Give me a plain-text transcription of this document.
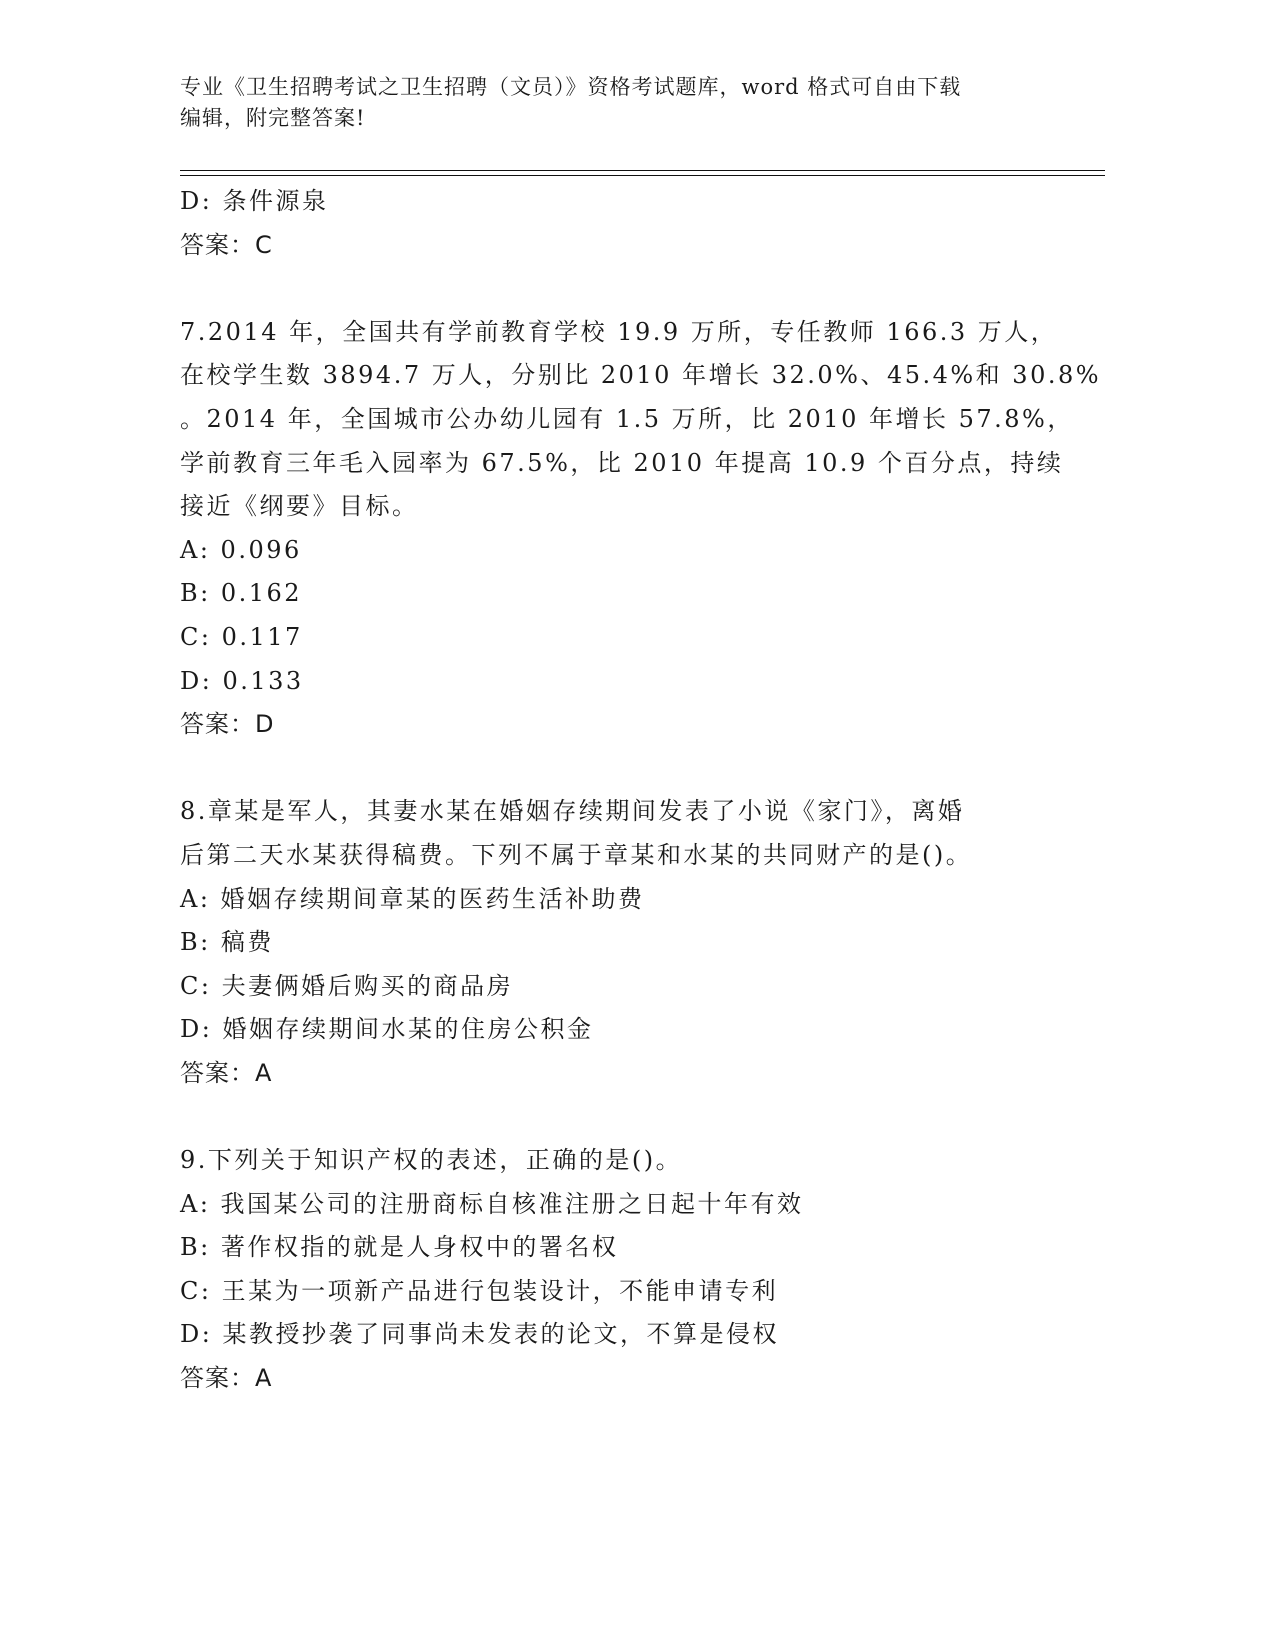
专业《卫生招聘考试之卫生招聘（文员）》资格考试题库，word 格式可自由下载
编辑，附完整答案!
D: 条件源泉
答案：C
7.2014 年，全国共有学前教育学校 19.9 万所，专任教师 166.3 万人，
在校学生数 3894.7 万人，分别比 2010 年增长 32.0%、45.4%和 30.8%
。2014 年，全国城市公办幼儿园有 1.5 万所，比 2010 年增长 57.8%，
学前教育三年毛入园率为 67.5%，比 2010 年提高 10.9 个百分点，持续
接近《纲要》目标。
A: 0.096
B: 0.162
C: 0.117
D: 0.133
答案：D
8.章某是军人，其妻水某在婚姻存续期间发表了小说《家门》，离婚
后第二天水某获得稿费。下列不属于章某和水某的共同财产的是()。
A: 婚姻存续期间章某的医药生活补助费
B: 稿费
C: 夫妻俩婚后购买的商品房
D: 婚姻存续期间水某的住房公积金
答案：A
9.下列关于知识产权的表述，正确的是()。
A: 我国某公司的注册商标自核准注册之日起十年有效
B: 著作权指的就是人身权中的署名权
C: 王某为一项新产品进行包装设计，不能申请专利
D: 某教授抄袭了同事尚未发表的论文，不算是侵权
答案：A
